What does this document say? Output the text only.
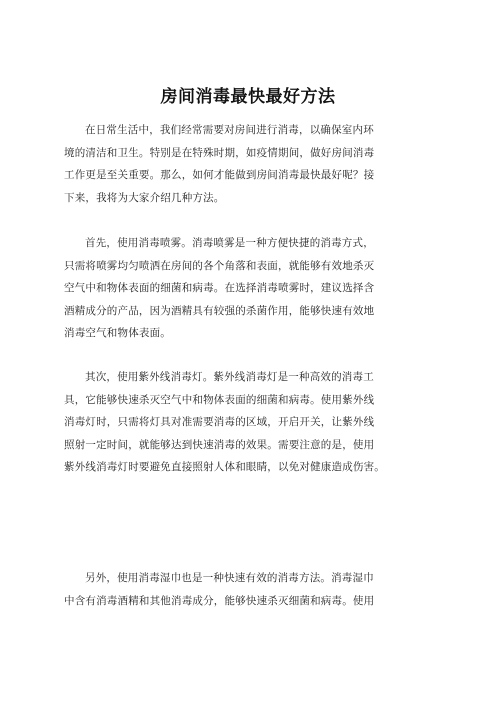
房间消毒最快最好方法
在日常生活中，我们经常需要对房间进行消毒，以确保室内环
境的清洁和卫生。特别是在特殊时期，如疫情期间，做好房间消毒
工作更是至关重要。那么，如何才能做到房间消毒最快最好呢？接
下来，我将为大家介绍几种方法。
首先，使用消毒喷雾。消毒喷雾是一种方便快捷的消毒方式，
只需将喷雾均匀喷洒在房间的各个角落和表面，就能够有效地杀灭
空气中和物体表面的细菌和病毒。在选择消毒喷雾时，建议选择含
酒精成分的产品，因为酒精具有较强的杀菌作用，能够快速有效地
消毒空气和物体表面。
其次，使用紫外线消毒灯。紫外线消毒灯是一种高效的消毒工
具，它能够快速杀灭空气中和物体表面的细菌和病毒。使用紫外线
消毒灯时，只需将灯具对准需要消毒的区域，开启开关，让紫外线
照射一定时间，就能够达到快速消毒的效果。需要注意的是，使用
紫外线消毒灯时要避免直接照射人体和眼睛，以免对健康造成伤害。
另外，使用消毒湿巾也是一种快速有效的消毒方法。消毒湿巾
中含有消毒酒精和其他消毒成分，能够快速杀灭细菌和病毒。使用
